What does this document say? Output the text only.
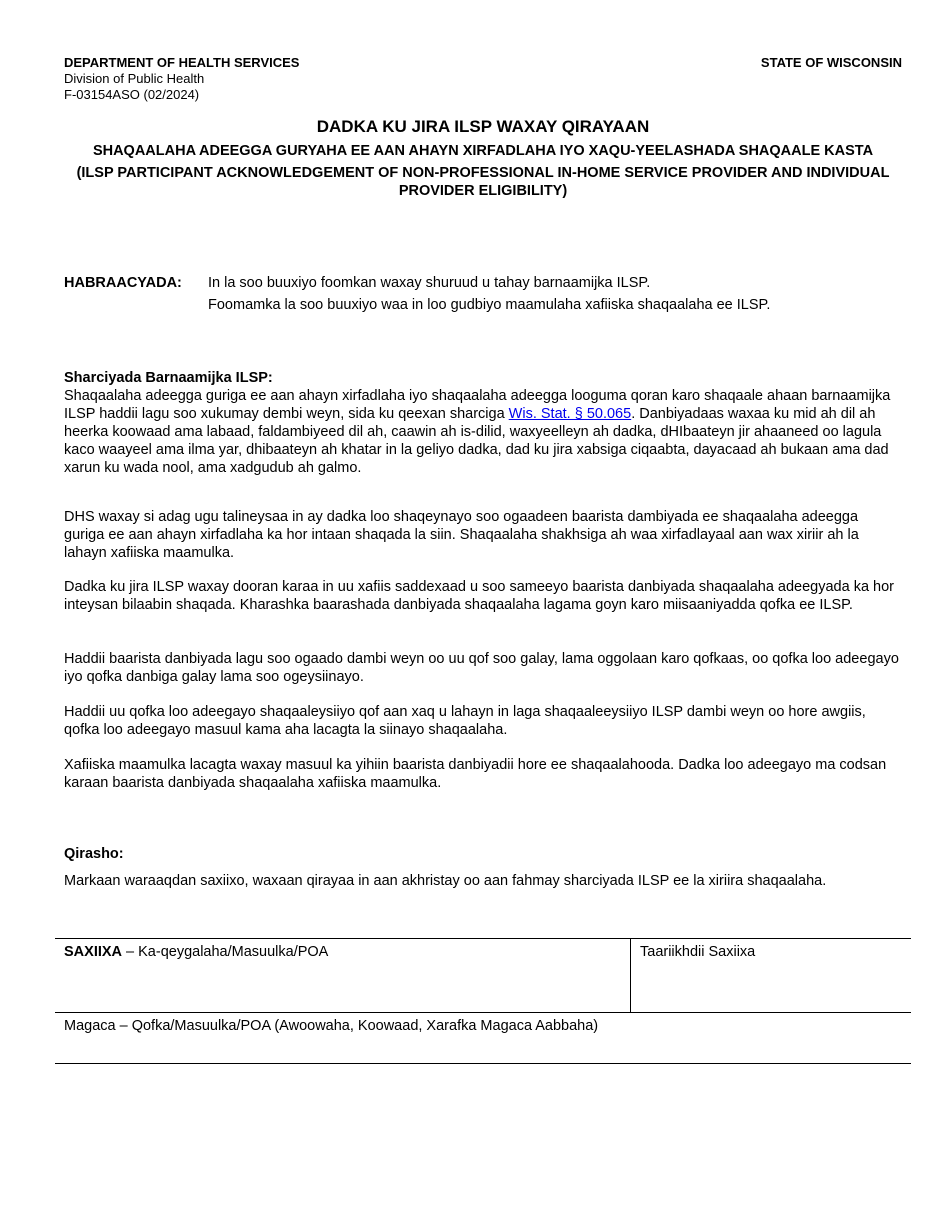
DEPARTMENT OF HEALTH SERVICES
Division of Public Health
F-03154ASO (02/2024)
STATE OF WISCONSIN
DADKA KU JIRA ILSP WAXAY QIRAYAAN
SHAQAALAHA ADEEGGA GURYAHA EE AAN AHAYN XIRFADLAHA IYO XAQU-YEELASHADA SHAQAALE KASTA
(ILSP PARTICIPANT ACKNOWLEDGEMENT OF NON-PROFESSIONAL IN-HOME SERVICE PROVIDER AND INDIVIDUAL PROVIDER ELIGIBILITY)
HABRAACYADA: In la soo buuxiyo foomkan waxay shuruud u tahay barnaamijka ILSP.
Foomamka la soo buuxiyo waa in loo gudbiyo maamulaha xafiiska shaqaalaha ee ILSP.

Sharciyada Barnaamijka ILSP:

Shaqaalaha adeegga guriga ee aan ahayn xirfadlaha iyo shaqaalaha adeegga looguma qoran karo shaqaale ahaan barnaamijka ILSP haddii lagu soo xukumay dembi weyn, sida ku qeexan sharciga Wis. Stat. § 50.065. Danbiyadaas waxaa ku mid ah dil ah heerka koowaad ama labaad, faldambiyeed dil ah, caawin ah is-dilid, waxyeelleyn ah dadka, dHIbaateyn jir ahaaneed oo lagula kaco waayeel ama ilma yar, dhibaateyn ah khatar in la geliyo dadka, dad ku jira xabsiga ciqaabta, dayacaad ah bukaan ama dad xarun ku wada nool, ama xadgudub ah galmo.

DHS waxay si adag ugu talineysaa in ay dadka loo shaqeynayo soo ogaadeen baarista dambiyada ee shaqaalaha adeegga guriga ee aan ahayn xirfadlaha ka hor intaan shaqada la siin. Shaqaalaha shakhsiga ah waa xirfadlayaal aan wax xiriir ah la lahayn xafiiska maamulka.
Dadka ku jira ILSP waxay dooran karaa in uu xafiis saddexaad u soo sameeyo baarista danbiyada shaqaalaha adeegyada ka hor inteysan bilaabin shaqada. Kharashka baarashada danbiyada shaqaalaha lagama goyn karo miisaaniyadda qofka ee ILSP.
Haddii baarista danbiyada lagu soo ogaado dambi weyn oo uu qof soo galay, lama oggolaan karo qofkaas, oo qofka loo adeegayo iyo qofka danbiga galay lama soo ogeysiinayo.
Haddii uu qofka loo adeegayo shaqaaleysiiyo qof aan xaq u lahayn in laga shaqaaleeysiiyo ILSP dambi weyn oo hore awgiis, qofka loo adeegayo masuul kama aha lacagta la siinayo shaqaalaha.
Xafiiska maamulka lacagta waxay masuul ka yihiin baarista danbiyadii hore ee shaqaalahooda. Dadka loo adeegayo ma codsan karaan baarista danbiyada shaqaalaha xafiiska maamulka.

Qirasho:

Markaan waraaqdan saxiixo, waxaan qirayaa in aan akhristay oo aan fahmay sharciyada ILSP ee la xiriira shaqaalaha.

SAXIIXA – Ka-qeygalaha/Masuulka/POA	Taariikhdii Saxiixa
Magaca – Qofka/Masuulka/POA (Awoowaha, Koowaad, Xarafka Magaca Aabbaha)
